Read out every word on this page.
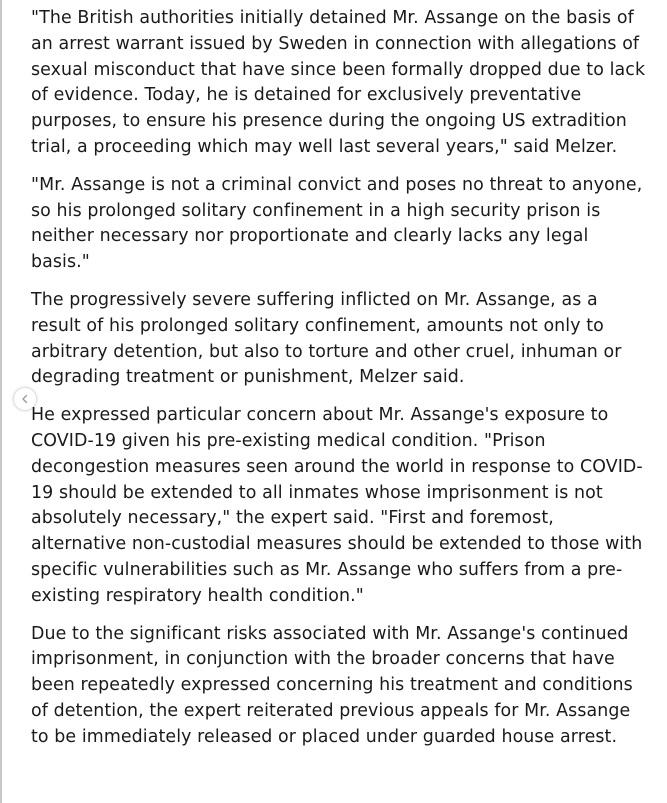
"The British authorities initially detained Mr. Assange on the basis of an arrest warrant issued by Sweden in connection with allegations of sexual misconduct that have since been formally dropped due to lack of evidence. Today, he is detained for exclusively preventative purposes, to ensure his presence during the ongoing US extradition trial, a proceeding which may well last several years," said Melzer.

"Mr. Assange is not a criminal convict and poses no threat to anyone, so his prolonged solitary confinement in a high security prison is neither necessary nor proportionate and clearly lacks any legal basis."

The progressively severe suffering inflicted on Mr. Assange, as a result of his prolonged solitary confinement, amounts not only to arbitrary detention, but also to torture and other cruel, inhuman or degrading treatment or punishment, Melzer said.

He expressed particular concern about Mr. Assange's exposure to COVID-19 given his pre-existing medical condition. "Prison decongestion measures seen around the world in response to COVID-19 should be extended to all inmates whose imprisonment is not absolutely necessary," the expert said. "First and foremost, alternative non-custodial measures should be extended to those with specific vulnerabilities such as Mr. Assange who suffers from a pre-existing respiratory health condition."

Due to the significant risks associated with Mr. Assange's continued imprisonment, in conjunction with the broader concerns that have been repeatedly expressed concerning his treatment and conditions of detention, the expert reiterated previous appeals for Mr. Assange to be immediately released or placed under guarded house arrest.
